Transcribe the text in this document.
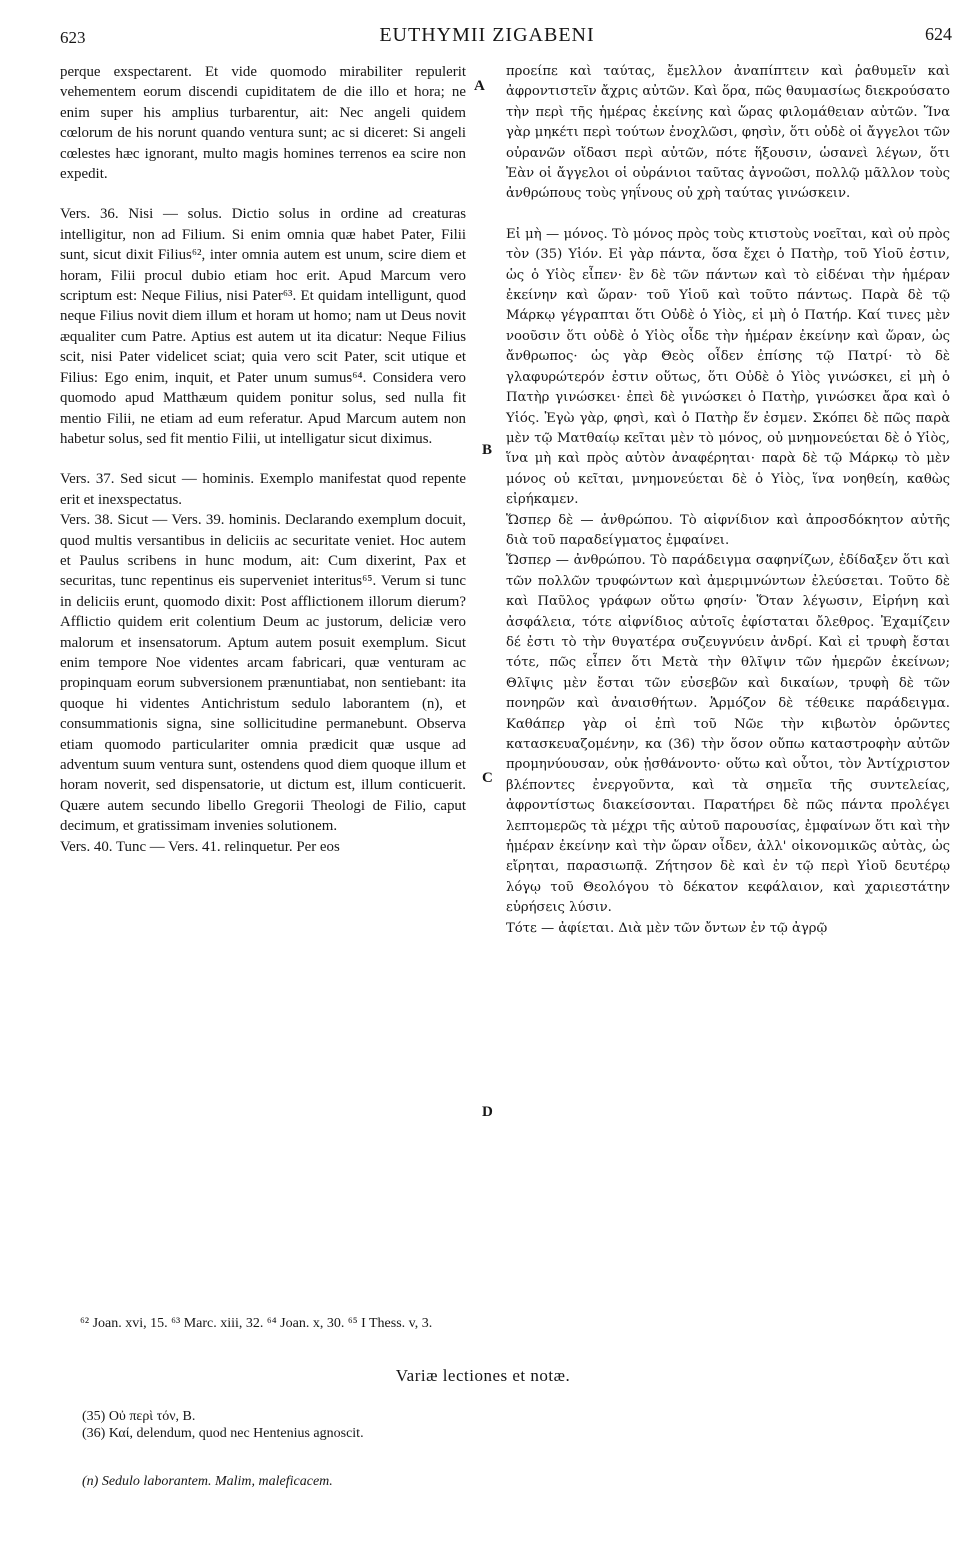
623	EUTHYMII ZIGABENI	624
A
B
C
D

perque exspectarent. Et vide quomodo mirabiliter repulerit vehementem eorum discendi cupiditatem de die illo et hora; ne enim super his amplius turbarentur, ait: Nec angeli quidem cœlorum de his norunt quando ventura sunt; ac si diceret: Si angeli cœlestes hæc ignorant, multo magis homines terrenos ea scire non expedit.

Vers. 36. Nisi — solus. Dictio solus in ordine ad creaturas intelligitur, non ad Filium. Si enim omnia quæ habet Pater, Filii sunt, sicut dixit Filius⁶², inter omnia autem est unum, scire diem et horam, Filii procul dubio etiam hoc erit. Apud Marcum vero scriptum est: Neque Filius, nisi Pater⁶³. Et quidam intelligunt, quod neque Filius novit diem illum et horam ut homo; nam ut Deus novit æqualiter cum Patre. Aptius est autem ut ita dicatur: Neque Filius scit, nisi Pater videlicet sciat; quia vero scit Pater, scit utique et Filius: Ego enim, inquit, et Pater unum sumus⁶⁴. Considera vero quomodo apud Matthæum quidem ponitur solus, sed nulla fit mentio Filii, ne etiam ad eum referatur. Apud Marcum autem non habetur solus, sed fit mentio Filii, ut intelligatur sicut diximus.

Vers. 37. Sed sicut — hominis. Exemplo manifestat quod repente erit et inexspectatus.

Vers. 38. Sicut — Vers. 39. hominis. Declarando exemplum docuit, quod multis versantibus in deliciis ac securitate veniet. Hoc autem et Paulus scribens in hunc modum, ait: Cum dixerint, Pax et securitas, tunc repentinus eis superveniet interitus⁶⁵. Verum si tunc in deliciis erunt, quomodo dixit: Post afflictionem illorum dierum? Afflictio quidem erit colentium Deum ac justorum, deliciæ vero malorum et insensatorum. Aptum autem posuit exemplum. Sicut enim tempore Noe videntes arcam fabricari, quæ venturam ac propinquam eorum subversionem prænuntiabat, non sentiebant: ita quoque hi videntes Antichristum sedulo laborantem (n), et consummationis signa, sine sollicitudine permanebunt. Observa etiam quomodo particulariter omnia prædicit quæ usque ad adventum suum ventura sunt, ostendens quod diem quoque illum et horam noverit, sed dispensatorie, ut dictum est, illum conticuerit. Quære autem secundo libello Gregorii Theologi de Filio, caput decimum, et gratissimam invenies solutionem.

Vers. 40. Tunc — Vers. 41. relinquetur. Per eos

προείπε καὶ ταύτας, ἔμελλον ἀναπίπτειν καὶ ῥαθυμεῖν καὶ ἀφροντιστεῖν ἄχρις αὐτῶν. Καὶ ὅρα, πῶς θαυμασίως διεκρούσατο τὴν περὶ τῆς ἡμέρας ἐκείνης καὶ ὥρας φιλομάθειαν αὐτῶν. Ἵνα γὰρ μηκέτι περὶ τούτων ἐνοχλῶσι, φησὶν, ὅτι οὐδὲ οἱ ἄγγελοι τῶν οὐρανῶν οἴδασι περὶ αὐτῶν, πότε ἥξουσιν, ὡσανεὶ λέγων, ὅτι Ἐὰν οἱ ἄγγελοι οἱ οὐράνιοι ταῦτας ἀγνοῶσι, πολλῷ μᾶλλον τοὺς ἀνθρώπους τοὺς γηΐνους οὐ χρὴ ταύτας γινώσκειν.

Εἰ μὴ — μόνος. Τὸ μόνος πρὸς τοὺς κτιστοὺς νοεῖται, καὶ οὐ πρὸς τὸν (35) Υἱόν. Εἰ γὰρ πάντα, ὅσα ἔχει ὁ Πατὴρ, τοῦ Υἱοῦ ἐστιν, ὡς ὁ Υἱὸς εἶπεν· ἓν δὲ τῶν πάντων καὶ τὸ εἰδέναι τὴν ἡμέραν ἐκείνην καὶ ὥραν· τοῦ Υἱοῦ καὶ τοῦτο πάντως. Παρὰ δὲ τῷ Μάρκῳ γέγραπται ὅτι Οὐδὲ ὁ Υἱὸς, εἰ μὴ ὁ Πατήρ. Καί τινες μὲν νοοῦσιν ὅτι οὐδὲ ὁ Υἱὸς οἶδε τὴν ἡμέραν ἐκείνην καὶ ὥραν, ὡς ἄνθρωπος· ὡς γὰρ Θεὸς οἶδεν ἐπίσης τῷ Πατρί· τὸ δὲ γλαφυρώτερόν ἐστιν οὕτως, ὅτι Οὐδὲ ὁ Υἱὸς γινώσκει, εἰ μὴ ὁ Πατὴρ γινώσκει· ἐπεὶ δὲ γινώσκει ὁ Πατὴρ, γινώσκει ἄρα καὶ ὁ Υἱός. Ἐγὼ γὰρ, φησὶ, καὶ ὁ Πατὴρ ἕν ἐσμεν. Σκόπει δὲ πῶς παρὰ μὲν τῷ Ματθαίῳ κεῖται μὲν τὸ μόνος, οὐ μνημονεύεται δὲ ὁ Υἱὸς, ἵνα μὴ καὶ πρὸς αὐτὸν ἀναφέρηται· παρὰ δὲ τῷ Μάρκῳ τὸ μὲν μόνος οὐ κεῖται, μνημονεύεται δὲ ὁ Υἱὸς, ἵνα νοηθείη, καθὼς εἰρήκαμεν.

Ὥσπερ δὲ — ἀνθρώπου. Τὸ αἰφνίδιον καὶ ἀπροσδόκητον αὐτῆς διὰ τοῦ παραδείγματος ἐμφαίνει.

Ὥσπερ — ἀνθρώπου. Τὸ παράδειγμα σαφηνίζων, ἐδίδαξεν ὅτι καὶ τῶν πολλῶν τρυφώντων καὶ ἀμεριμνώντων ἐλεύσεται. Τοῦτο δὲ καὶ Παῦλος γράφων οὕτω φησίν· Ὅταν λέγωσιν, Εἰρήνη καὶ ἀσφάλεια, τότε αἰφνίδιος αὐτοῖς ἐφίσταται ὄλεθρος. Ἐχαμίζειν δέ ἐστι τὸ τὴν θυγατέρα συζευγνύειν ἀνδρί. Καὶ εἰ τρυφὴ ἔσται τότε, πῶς εἶπεν ὅτι Μετὰ τὴν θλῖψιν τῶν ἡμερῶν ἐκείνων; Θλῖψις μὲν ἔσται τῶν εὐσεβῶν καὶ δικαίων, τρυφὴ δὲ τῶν πονηρῶν καὶ ἀναισθήτων. Ἁρμόζον δὲ τέθεικε παράδειγμα. Καθάπερ γὰρ οἱ ἐπὶ τοῦ Νῶε τὴν κιβωτὸν ὁρῶντες κατασκευαζομένην, κα (36) τὴν ὅσον οὔπω καταστροφὴν αὐτῶν προμηνύουσαν, οὐκ ᾐσθάνοντο· οὕτω καὶ οὗτοι, τὸν Ἀντίχριστον βλέποντες ἐνεργοῦντα, καὶ τὰ σημεῖα τῆς συντελείας, ἀφροντίστως διακείσονται. Παρατήρει δὲ πῶς πάντα προλέγει λεπτομερῶς τὰ μέχρι τῆς αὐτοῦ παρουσίας, ἐμφαίνων ὅτι καὶ τὴν ἡμέραν ἐκείνην καὶ τὴν ὥραν οἶδεν, ἀλλ' οἰκονομικῶς αὐτὰς, ὡς εἴρηται, παρασιωπᾷ. Ζήτησον δὲ καὶ ἐν τῷ περὶ Υἱοῦ δευτέρῳ λόγῳ τοῦ Θεολόγου τὸ δέκατον κεφάλαιον, καὶ χαριεστάτην εὑρήσεις λύσιν.

Τότε — ἀφίεται. Διὰ μὲν τῶν ὄντων ἐν τῷ ἀγρῷ

⁶² Joan. xvi, 15. ⁶³ Marc. xiii, 32. ⁶⁴ Joan. x, 30. ⁶⁵ I Thess. v, 3.
Variæ lectiones et notæ.

(35) Οὐ περὶ τόν, B.

(36) Καί, delendum, quod nec Hentenius agnoscit.

(n) Sedulo laborantem. Malim, maleficacem.
